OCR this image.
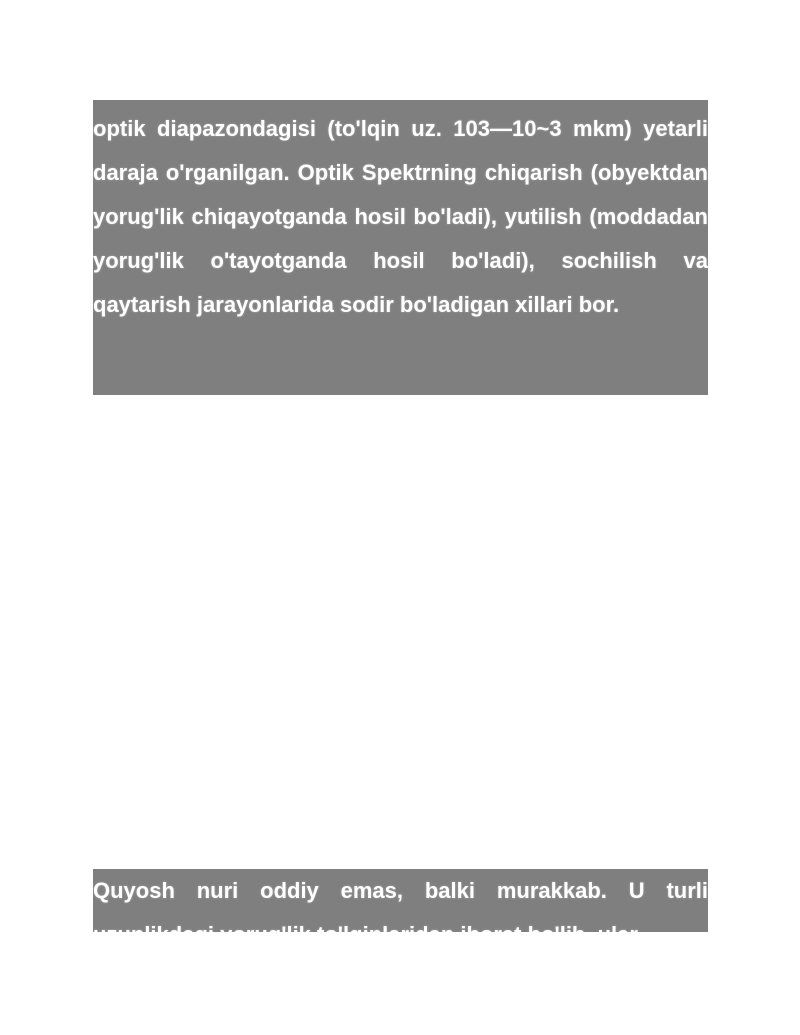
optik diapazondagisi (to'lqin uz. 103—10~3 mkm) yetarli daraja o'rganilgan. Optik Spektrning chiqarish (obyektdan yorug'lik chiqayotganda hosil bo'ladi), yutilish (moddadan yorug'lik o'tayotganda hosil bo'ladi), sochilish va qaytarish jarayonlarida sodir bo'ladigan xillari bor.

Quyosh nuri oddiy emas, balki murakkab. U turli uzunlikdagi yorug'lik to'lqinlaridan iborat bo'lib, ular
